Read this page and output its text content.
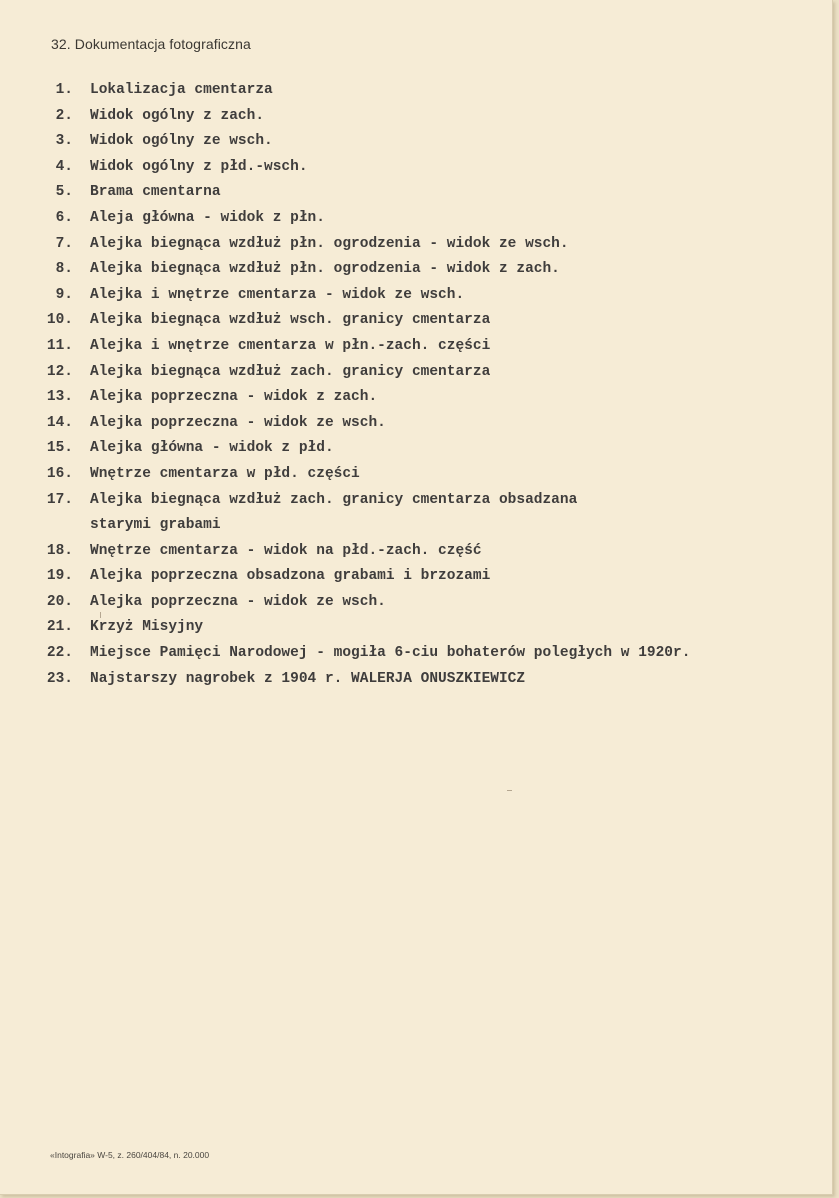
32. Dokumentacja fotograficzna
1. Lokalizacja cmentarza
2. Widok ogólny z zach.
3. Widok ogólny ze wsch.
4. Widok ogólny z płd.-wsch.
5. Brama cmentarna
6. Aleja główna - widok z płn.
7. Alejka biegnąca wzdłuż płn. ogrodzenia - widok ze wsch.
8. Alejka biegnąca wzdłuż płn. ogrodzenia - widok z zach.
9. Alejka i wnętrze cmentarza - widok ze wsch.
10. Alejka biegnąca wzdłuż wsch. granicy cmentarza
11. Alejka i wnętrze cmentarza w płn.-zach. części
12. Alejka biegnąca wzdłuż zach. granicy cmentarza
13. Alejka poprzeczna - widok z zach.
14. Alejka poprzeczna - widok ze wsch.
15. Alejka główna - widok z płd.
16. Wnętrze cmentarza w płd. części
17. Alejka biegnąca wzdłuż zach. granicy cmentarza obsadzana
starymi grabami
18. Wnętrze cmentarza - widok na płd.-zach. część
19. Alejka poprzeczna obsadzona grabami i brzozami
20. Alejka poprzeczna - widok ze wsch.
21. Krzyż Misyjny
22. Miejsce Pamięci Narodowej - mogiła 6-ciu bohaterów poległych w 1920r.
23. Najstarszy nagrobek z 1904 r. WALERJA ONUSZKIEWICZ
«Intografia» W-5, z. 260/404/84, n. 20.000
